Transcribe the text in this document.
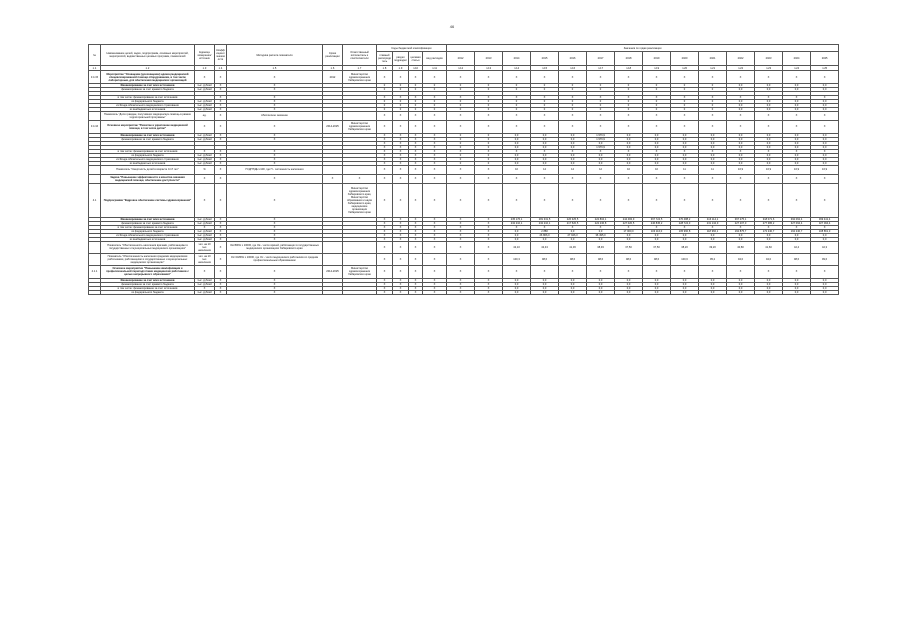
46
№	Наименование целей, задач, подпрограмм, основных мероприятий, мероприятий, ведомственных целевых программ, показателей	Единица измерения/ источник	Коэффициент значимости	Методика расчета показателя	Сроки реализации	Ответственный исполнитель и соисполнители	Коды бюджетной классификации				Значения по годам реализации													
							главный распорядитель	раздел подраздел	целевая статья	вид расходов	2012	2013	2014	2015	2016	2017	2018	2019	2020	2021	2022	2023	2024	2025
п.1	п.2	п.3	п.4	п.5	п.6	п.7	п.8	п.9	п.10	п.11	п.12	п.13	п.14	п.15	п.16	п.17	п.18	п.19	п.20	п.21	п.22	п.23	п.24	п.25
3.4.15	Мероприятие "Оснащение (дооснащение) единиц медицинской специализированной помощи оборудованием, в том числе лабораторным, для обеспечения медицинских организаций	X	X	X	2012	Министерство здравоохранения Хабаровского края	X	X	X	X	X	X	X	X	X	X	X	X	X	X	X	X	X	X
	Финансирование за счет всех источников	тыс. рублей	X	X			0	0	0	0	0	0	0	0	0	0	0	0	0	0	0,0	0,0	0,0	0,0
	финансирование за счет краевого бюджета	тыс. рублей	X	X			0	0	0	0	0	0	0	0	0	0	0	0	0	0	0,0	0,0	0,0	0,0

	в том числе: финансирование за счет источников		X	X			X	X	X	X	X	X	X	X	X	X	X	X	X	X	X	X	X	X
	из федерального бюджета	тыс. рублей	X	X			0	0	0	0	0	0	0	0	0	0	0	0	0	0	0,0	0,0	0,0	0,0
	из Фонда обязательного медицинского страхования	тыс. рублей	X	X			0	0	0	0	0	0	0	0	0	0	0	0	0	0	0,0	0,0	0,0	0,0
	из внебюджетных источников	тыс. рублей	X	X			0	0	0	0	0	0	0	0	0	0	0	0	0	0	0,0	0,0	0,0	0,0
	Показатель "Доля граждан, получивших медицинскую помощь в рамках территориальной программы"	ед.	X	Абсолютное значение			X	X	X	X	X	X	X	X	X	X	X	X	X	X	X	X	X	X
3.4.16	Основное мероприятие "Развитие и укрепление медицинской помощи, в том числе детям"	X	X	X	2014-2025	Министерство здравоохранения Хабаровского края	X	X	X	X	X	X	X	X	X	X	X	X	X	X	X	X	X	X
	Финансирование за счет всех источников	тыс. рублей	X	X			X	X	X	X	0	0	0,0	0,0	0,0	1 976,9	0,0	0,0	0,0	0,0	0,0	0,0	0,0	0,0
	финансирование за счет краевого бюджета	тыс. рублей	X	X			X	X	X	X	0	0	0,0	0,0	0,0	1 976,9	0,0	0,0	0,0	0,0	0,0	0,0	0,0	0,0
							X	X	X	X	0	0	0,0	0,0	0,0	0,0	0,0	0,0	0,0	0,0	0,0	0,0	0,0	0,0
							X	X	X	X	0	0	0,0	0,0	0,0	1 976,9	0,0	0,0	0,0	0,0	0,0	0,0	0,0	0,0
	в том числе: финансирование за счет источников	X	X	X			X	X	X	X	X	X	X	X	X	X	X	X	X	X	X	X	X	X
	из федерального бюджета	тыс. рублей	X	X			X	X	X	X	0	0	0,0	0,0	0,0	0,0	0,0	0,0	0,0	0,0	0,0	0,0	0,0	0,0
	из Фонда обязательного медицинского страхования	тыс. рублей	X	X			X	X	X	X	0	0	0,0	0,0	0,0	0,0	0,0	0,0	0,0	0,0	0,0	0,0	0,0	0,0
	из внебюджетных источников	тыс. рублей	X	X			X	X	X	X	0	0	0,0	0,0	0,0	0,0	0,0	0,0	0,0	0,0	0,0	0,0	0,0	0,0
	Показатель "Смертность детей в возрасте 0-17 лет"	%	X	П=ДПТ/ДН х100, где П - численность населения			X	X	X	X	X	X	10	14	14	12	10	10	11	11	16,9	16,9	16,9	16,9
	Задача "Повышение эффективности и качества оказания медицинской помощи, обеспечение доступности"	X	X	X	X	X	X	X	X	X	X	X	X	X	X	X	X	X	X	X	X	X	X	X
4.1	Подпрограмма "Кадровое обеспечение системы здравоохранения"	X	X	X		Министерство здравоохранения Хабаровского края, Министерство образования и науки Хабаровского края, медицинские организации Хабаровского края	X	X	X	X	X	X	X	X	X	X	X	X	X	X	X	X	X	X
	Финансирование за счет всех источников	тыс. рублей	X	X			X	X	X	X	X	X	235 176,1	281 331,5	226 325,5	222 804,1	244 484,9	367 724,5	370 488,2	416 114,1	367 275,1	318 071,6	392 062,4	399 441,4
	финансирование за счет краевого бюджета	тыс. рублей	X	X			X	X	X	X	X	X	232 210,1	232 210,1	217 520,5	222 236,8	227 020,5	246 845,2	228 724,3	231 134,9	227 207,0	277 386,2	327 094,4	327 094,4
	в том числе: финансирование за счет источников	X	X	X			X	X	X	X	X	X	X	X	X	X	X	X	X	X	X	X	X	X
	из федерального бюджета	тыс. рублей	X	X			X	X	X	X	X	X	0,0	2 880	0,0	0,0	17 000,0	103 116,0	105 960,8	118 960,1	162 875,7	172 240,7	162 240,7	108 861,3
	из Фонда обязательного медицинского страхования	тыс. рублей	X	X			X	X	X	X	X	X	0,0	26 866,0	27 946,3	36 495,0	0,0	0,0	0,0	0,0	0,0	0,0	0,0	0,0
	из внебюджетных источников	тыс. рублей	X	X			X	X	X	X	X	X	0,0	0,0	0,0	0,0	0,0	0,0	0,0	0,0	0,0	0,0	0,0	0,0
	Показатель "Обеспеченность населения врачами, работающими в государственных и муниципальных медицинских организациях"	чел. на 10 тыс. населения	X	Ов=ВР/Н х 10000, где Ов - число врачей, работающих в государственных медицинских организациях Хабаровского края			X	X	X	X	X	X	42,10	42,43	41,36	38,93	37,50	37,50	38,20	39,20	40,80	41,60	42,4	42,3
	Показатель "Обеспеченность населения средними медицинскими работниками, работающими в государственных и муниципальных медицинских организациях"	чел. на 10 тыс. населения	X	Ос=СМР/Н х 10000, где Ос - число медицинских работников со средним профессиональным образованием			X	X	X	X	X	X	100,3	98,6	98,6	98,6	98,6	98,6	100,6	95,2	94,0	94,0	98,6	99,6
4.1.1	Основное мероприятие "Повышение квалификации и профессиональной переподготовки медицинских работников с целью непрерывного образования"	X	X	X	2014-2025	Министерство здравоохранения Хабаровского края	X	X	X	X	X	X	X	X	X	X	X	X	X	X	X	X	X	X
	Финансирование за счет всех источников	тыс. рублей	X	X			X	X	X	X	X	X	0,0	0,0	0,0	0,0	0,0	0,0	0,0	0,0	0,0	0,0	0,0	0,0
	финансирование за счет краевого бюджета	тыс. рублей	X	X			X	X	X	X	X	X	0,0	0,0	0,0	0,0	0,0	0,0	0,0	0,0	0,0	0,0	0,0	0,0
	в том числе: финансирование за счет источников	X	X	X			X	X	X	X	X	X	0,0	0,0	0,0	0,0	0,0	0,0	0,0	0,0	0,0	0,0	0,0	0,0
	из федерального бюджета	тыс. рублей	X	X			X	X	X	X	X	X	0,0	0,0	0,0	0,0	0,0	0,0	0,0	0,0	0,0	0,0	0,0	0,0
